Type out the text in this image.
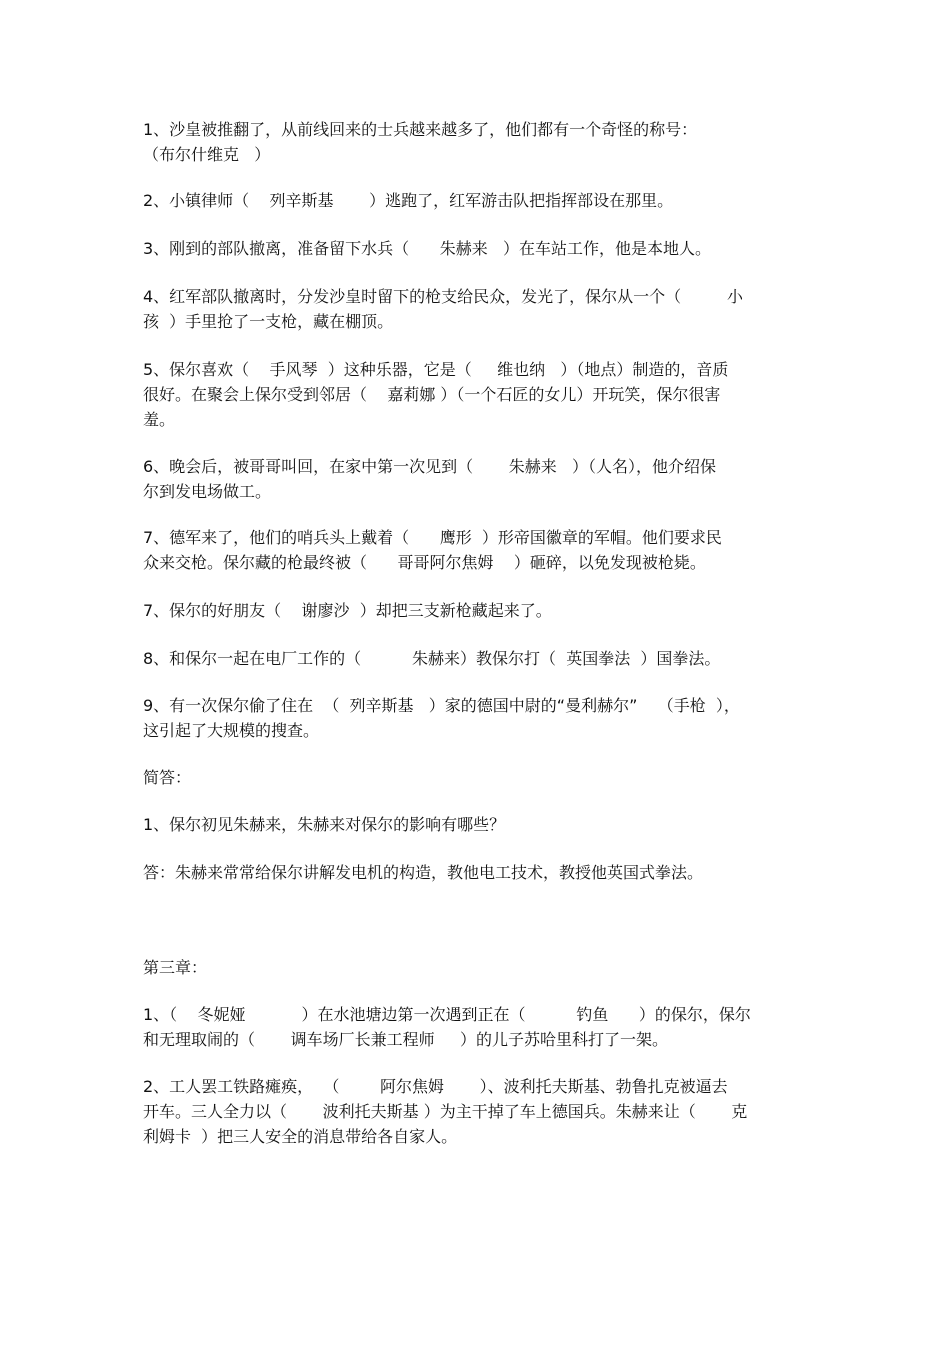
1、沙皇被推翻了，从前线回来的士兵越来越多了，他们都有一个奇怪的称号：
（布尔什维克   ）
2、小镇律师（    列辛斯基       ）逃跑了，红军游击队把指挥部设在那里。
3、刚到的部队撤离，准备留下水兵（      朱赫来   ）在车站工作，他是本地人。
4、红军部队撤离时，分发沙皇时留下的枪支给民众，发光了，保尔从一个（         小
孩  ）手里抢了一支枪，藏在棚顶。
5、保尔喜欢（    手风琴  ）这种乐器，它是（     维也纳   ）（地点）制造的，音质
很好。在聚会上保尔受到邻居（    嘉莉娜 ）（一个石匠的女儿）开玩笑，保尔很害
羞。
6、晚会后，被哥哥叫回，在家中第一次见到（       朱赫来   ）（人名），他介绍保
尔到发电场做工。
7、德军来了，他们的哨兵头上戴着（      鹰形  ）形帝国徽章的军帽。他们要求民
众来交枪。保尔藏的枪最终被（      哥哥阿尔焦姆    ）砸碎，以免发现被枪毙。
7、保尔的好朋友（    谢廖沙  ）却把三支新枪藏起来了。
8、和保尔一起在电厂工作的（          朱赫来）教保尔打（  英国拳法  ）国拳法。
9、有一次保尔偷了住在  （  列辛斯基   ）家的德国中尉的“曼利赫尔”    （手枪  ），
这引起了大规模的搜查。
简答：
1、保尔初见朱赫来，朱赫来对保尔的影响有哪些？
答：朱赫来常常给保尔讲解发电机的构造，教他电工技术，教授他英国式拳法。
第三章：
1、（    冬妮娅           ）在水池塘边第一次遇到正在（          钓鱼      ）的保尔，保尔
和无理取闹的（       调车场厂长兼工程师     ）的儿子苏哈里科打了一架。
2、工人罢工铁路瘫痪，  （        阿尔焦姆       ）、波利托夫斯基、勃鲁扎克被逼去
开车。三人全力以（       波利托夫斯基 ）为主干掉了车上德国兵。朱赫来让（       克
利姆卡  ）把三人安全的消息带给各自家人。
